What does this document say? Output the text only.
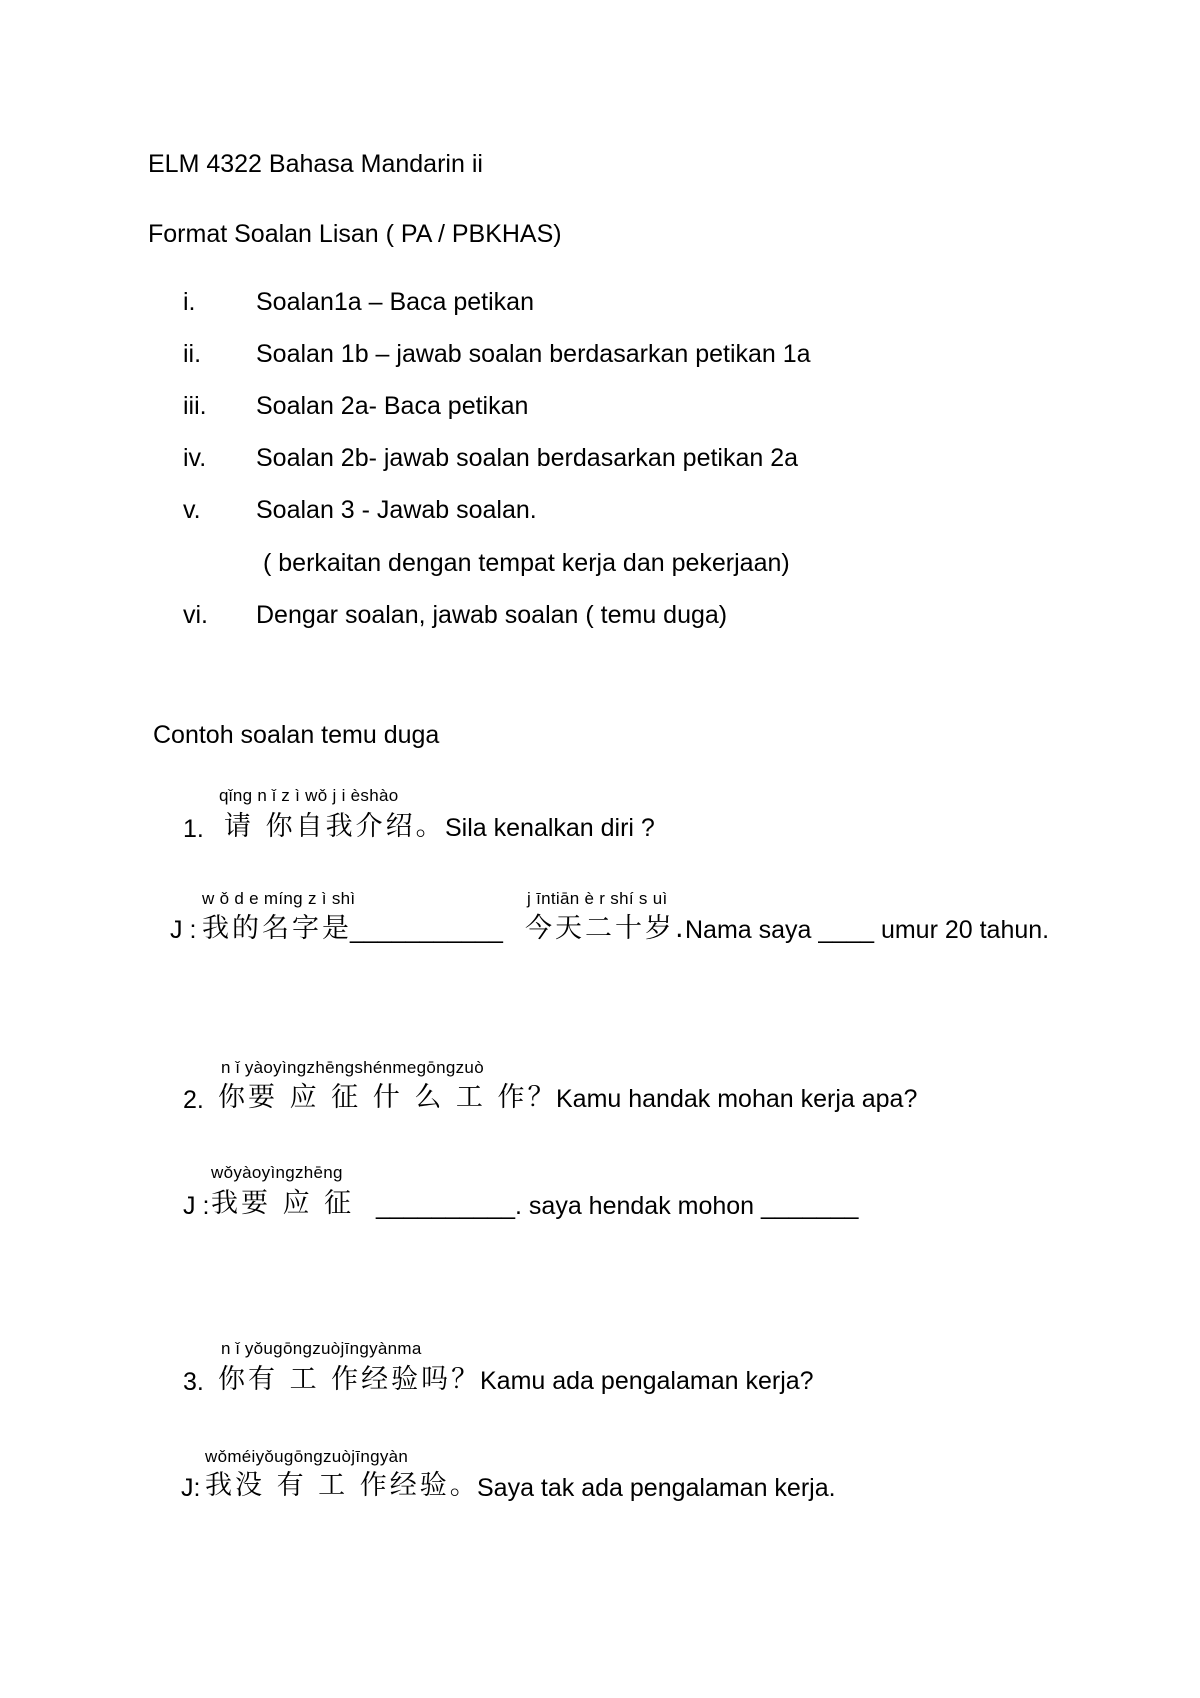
ELM 4322 Bahasa Mandarin ii
Format Soalan Lisan ( PA / PBKHAS)
i. Soalan1a – Baca petikan
ii. Soalan 1b – jawab soalan berdasarkan petikan 1a
iii. Soalan 2a- Baca petikan
iv. Soalan 2b- jawab soalan berdasarkan petikan 2a
v. Soalan 3 - Jawab soalan.
( berkaitan dengan tempat kerja dan pekerjaan)
vi. Dengar soalan, jawab soalan ( temu duga)
Contoh soalan temu duga
qǐng n ǐ z ì wǒ j i èshào
1. 请 你自我介绍。 Sila kenalkan diri ?
w ǒ d e míng z ì shì	j īntiān è r shí s uì
J : 我的名字是
___________ 今天二十岁.
Nama saya ____ umur 20 tahun.
n ǐ yàoyìngzhēngshénmegōngzuò
2. 你要 应 征 什 么 工 作？
Kamu handak mohan kerja apa?
wǒyàoyìngzhēng
J : 我要 应 征 __________. saya hendak mohon _______
n ǐ yǒugōngzuòjīngyànma
3. 你有 工 作经验吗？
Kamu ada pengalaman kerja?
wǒméiyǒugōngzuòjīngyàn
J: 我没 有 工 作经验。
Saya tak ada pengalaman kerja.
